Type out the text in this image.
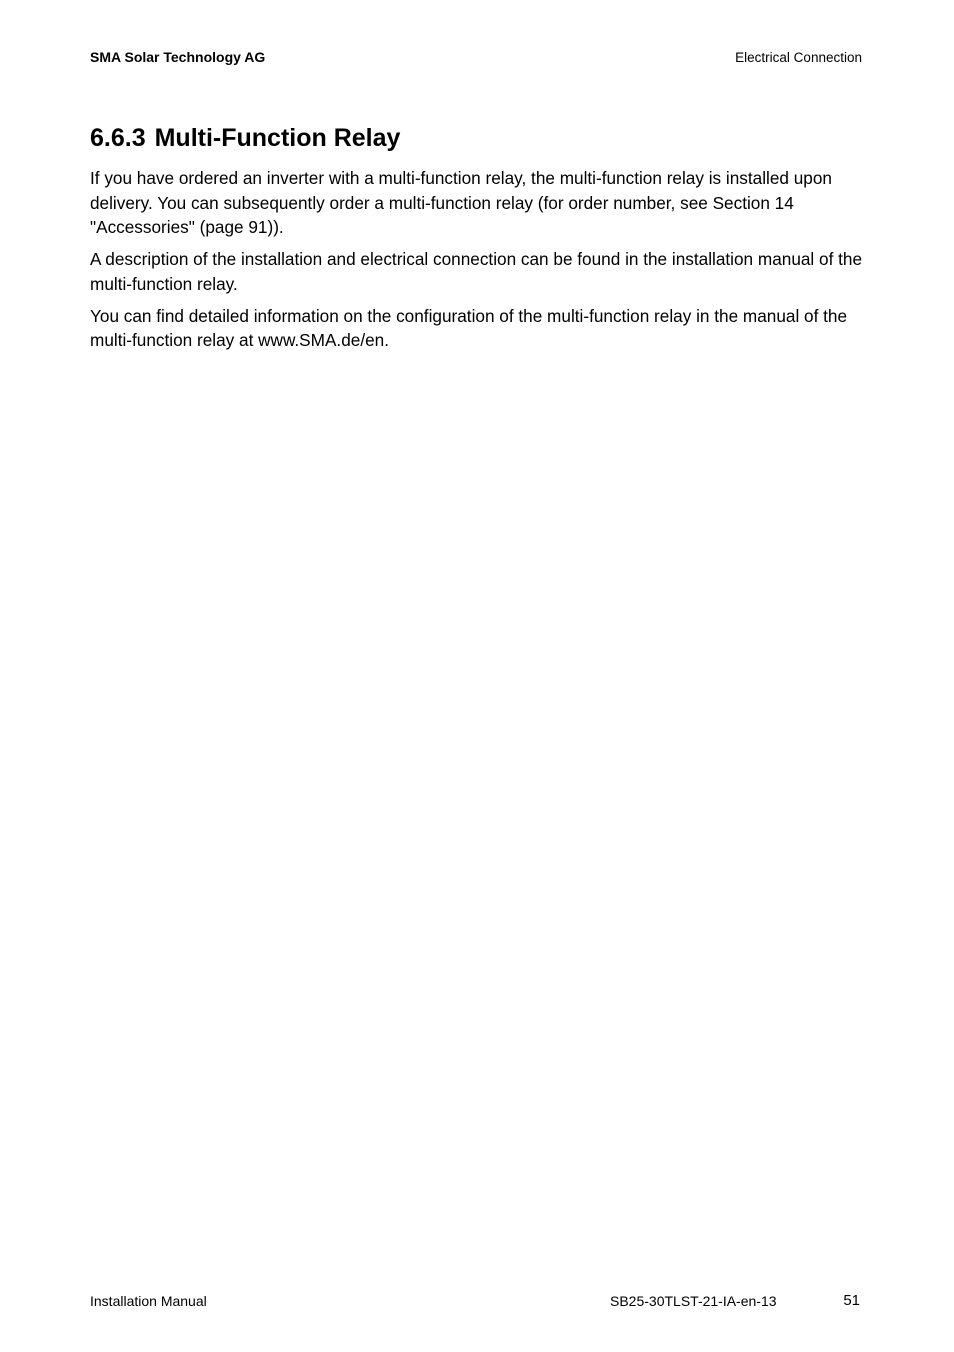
SMA Solar Technology AG	Electrical Connection
6.6.3 Multi-Function Relay

If you have ordered an inverter with a multi-function relay, the multi-function relay is installed upon delivery. You can subsequently order a multi-function relay (for order number, see Section 14 "Accessories" (page 91)).

A description of the installation and electrical connection can be found in the installation manual of the multi-function relay.

You can find detailed information on the configuration of the multi-function relay in the manual of the multi-function relay at www.SMA.de/en.

Installation Manual	SB25-30TLST-21-IA-en-13	51
